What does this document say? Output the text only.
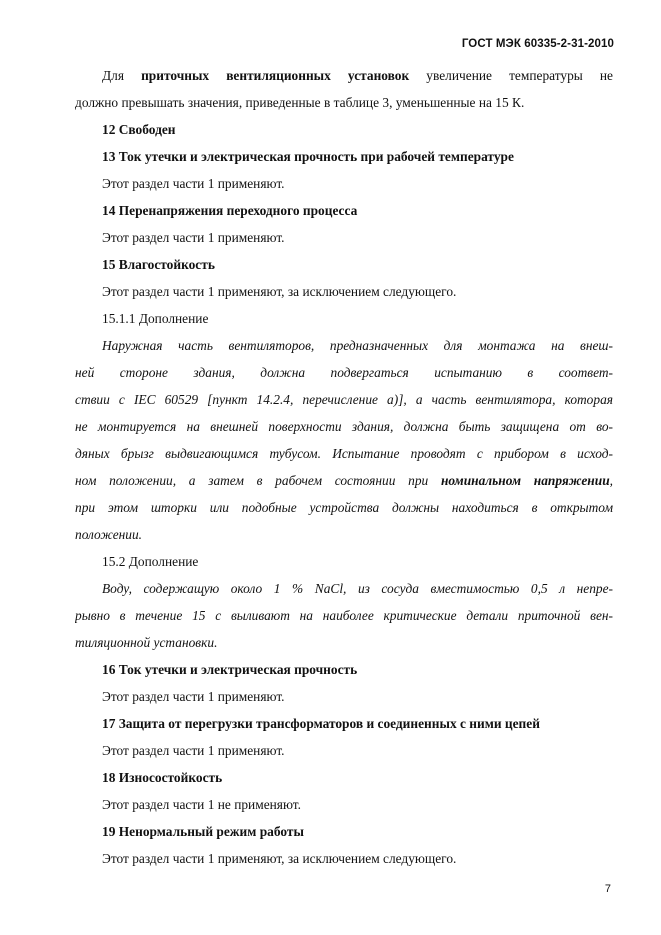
ГОСТ МЭК 60335-2-31-2010
Для приточных вентиляционных установок увеличение температуры не
должно превышать значения, приведенные в таблице 3, уменьшенные на 15 К.
12 Свободен
13 Ток утечки и электрическая прочность при рабочей температуре
Этот раздел части 1 применяют.
14 Перенапряжения переходного процесса
Этот раздел части 1 применяют.
15 Влагостойкость
Этот раздел части 1 применяют, за исключением следующего.
15.1.1 Дополнение
Наружная часть вентиляторов, предназначенных для монтажа на внеш-
ней стороне здания, должна подвергаться испытанию в соответ-
ствии с IEC 60529 [пункт 14.2.4, перечисление а)], а часть вентилятора, которая
не монтируется на внешней поверхности здания, должна быть защищена от во-
дяных брызг выдвигающимся тубусом. Испытание проводят с прибором в исход-
ном положении, а затем в рабочем состоянии при номинальном напряжении,
при этом шторки или подобные устройства должны находиться в открытом
положении.
15.2 Дополнение
Воду, содержащую около 1 % NaCl, из сосуда вместимостью 0,5 л непре-
рывно в течение 15 с выливают на наиболее критические детали приточной вен-
тиляционной установки.
16 Ток утечки и электрическая прочность
Этот раздел части 1 применяют.
17 Защита от перегрузки трансформаторов и соединенных с ними цепей
Этот раздел части 1 применяют.
18 Износостойкость
Этот раздел части 1 не применяют.
19 Ненормальный режим работы
Этот раздел части 1 применяют, за исключением следующего.
7
